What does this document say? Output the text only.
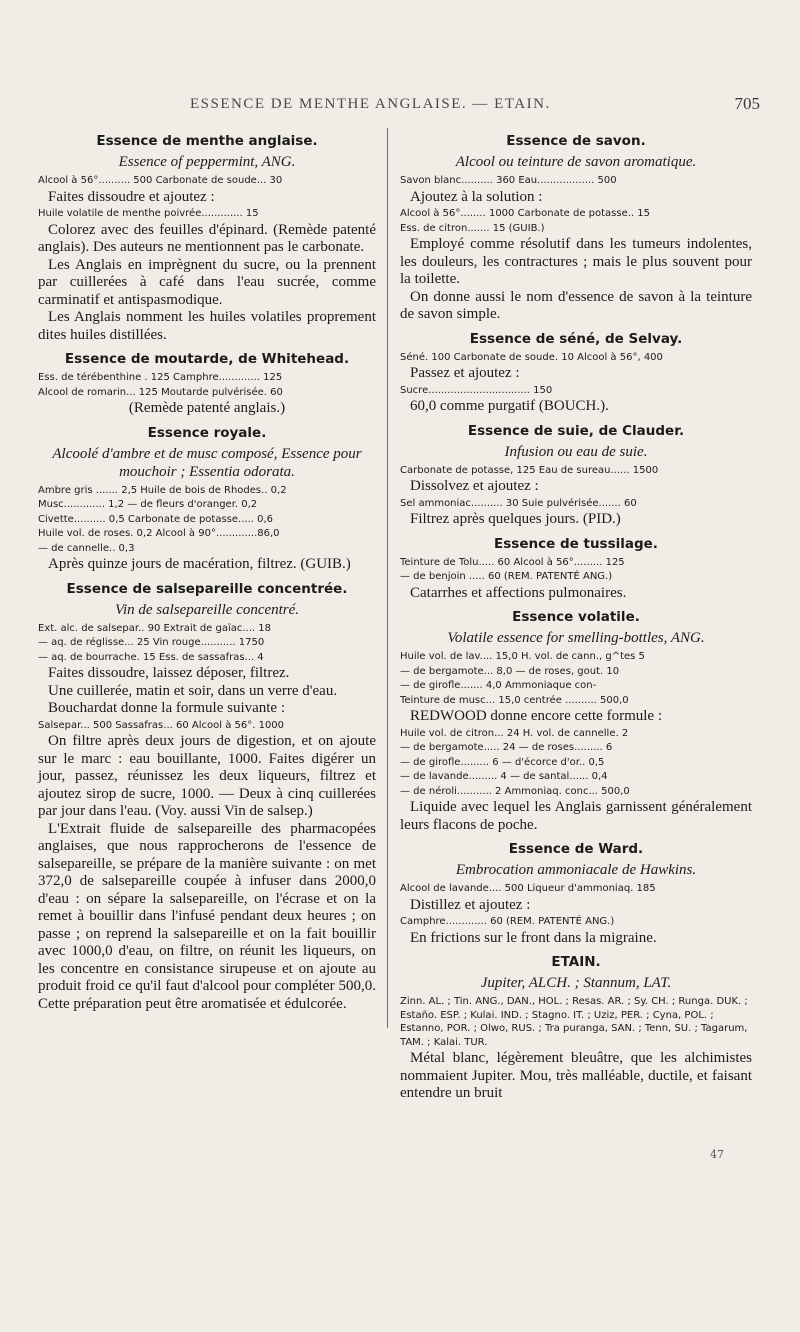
ESSENCE DE MENTHE ANGLAISE. — ETAIN.	705
Essence de menthe anglaise.
Essence of peppermint, ANG.
Alcool à 56°.......... 500 Carbonate de soude... 30
Faites dissoudre et ajoutez :
Huile volatile de menthe poivrée............. 15
Colorez avec des feuilles d'épinard. (Remède patenté anglais). Des auteurs ne mentionnent pas le carbonate.
Les Anglais en imprègnent du sucre, ou la prennent par cuillerées à café dans l'eau sucrée, comme carminatif et antispasmodique.
Les Anglais nomment les huiles volatiles proprement dites huiles distillées.
Essence de moutarde, de Whitehead.
Ess. de térébenthine . 125 Camphre............. 125
Alcool de romarin... 125 Moutarde pulvérisée. 60
(Remède patenté anglais.)
Essence royale.
Alcoolé d'ambre et de musc composé, Essence pour mouchoir ; Essentia odorata.
Ambre gris ....... 2,5 Huile de bois de Rhodes.. 0,2
Musc............. 1,2 — de fleurs d'oranger. 0,2
Civette.......... 0,5 Carbonate de potasse..... 0,6
Huile vol. de roses. 0,2 Alcool à 90°.............86,0
— de cannelle.. 0,3
Après quinze jours de macération, filtrez. (GUIB.)
Essence de salsepareille concentrée.
Vin de salsepareille concentré.
Ext. alc. de salsepar.. 90 Extrait de gaïac.... 18
— aq. de réglisse... 25 Vin rouge........... 1750
— aq. de bourrache. 15 Ess. de sassafras... 4
Faites dissoudre, laissez déposer, filtrez.
Une cuillerée, matin et soir, dans un verre d'eau.
Bouchardat donne la formule suivante :
Salsepar... 500 Sassafras... 60 Alcool à 56°. 1000
On filtre après deux jours de digestion, et on ajoute sur le marc : eau bouillante, 1000. Faites digérer un jour, passez, réunissez les deux liqueurs, filtrez et ajoutez sirop de sucre, 1000. — Deux à cinq cuillerées par jour dans l'eau. (Voy. aussi Vin de salsep.)
L'Extrait fluide de salsepareille des pharmacopées anglaises, que nous rapprocherons de l'essence de salsepareille, se prépare de la manière suivante : on met 372,0 de salsepareille coupée à infuser dans 2000,0 d'eau : on sépare la salsepareille, on l'écrase et on la remet à bouillir dans l'infusé pendant deux heures ; on passe ; on reprend la salsepareille et on la fait bouillir avec 1000,0 d'eau, on filtre, on réunit les liqueurs, on les concentre en consistance sirupeuse et on ajoute au produit froid ce qu'il faut d'alcool pour compléter 500,0. Cette préparation peut être aromatisée et édulcorée.
Essence de savon.
Alcool ou teinture de savon aromatique.
Savon blanc.......... 360 Eau.................. 500
Ajoutez à la solution :
Alcool à 56°........ 1000 Carbonate de potasse.. 15
Ess. de citron....... 15 (GUIB.)
Employé comme résolutif dans les tumeurs indolentes, les douleurs, les contractures ; mais le plus souvent pour la toilette.
On donne aussi le nom d'essence de savon à la teinture de savon simple.
Essence de séné, de Selvay.
Séné. 100 Carbonate de soude. 10 Alcool à 56°, 400
Passez et ajoutez :
Sucre................................ 150
60,0 comme purgatif (BOUCH.).
Essence de suie, de Clauder.
Infusion ou eau de suie.
Carbonate de potasse, 125 Eau de sureau...... 1500
Dissolvez et ajoutez :
Sel ammoniac.......... 30 Suie pulvérisée....... 60
Filtrez après quelques jours. (PID.)
Essence de tussilage.
Teinture de Tolu..... 60 Alcool à 56°......... 125
— de benjoin ..... 60 (REM. PATENTÉ ANG.)
Catarrhes et affections pulmonaires.
Essence volatile.
Volatile essence for smelling-bottles, ANG.
Huile vol. de lav.... 15,0 H. vol. de cann., g^tes 5
— de bergamote... 8,0 — de roses, gout. 10
— de girofle....... 4,0 Ammoniaque con-
Teinture de musc... 15,0 centrée .......... 500,0
REDWOOD donne encore cette formule :
Huile vol. de citron... 24 H. vol. de cannelle. 2
— de bergamote..... 24 — de roses......... 6
— de girofle......... 6 — d'écorce d'or.. 0,5
— de lavande......... 4 — de santal...... 0,4
— de néroli........... 2 Ammoniaq. conc... 500,0
Liquide avec lequel les Anglais garnissent généralement leurs flacons de poche.
Essence de Ward.
Embrocation ammoniacale de Hawkins.
Alcool de lavande.... 500 Liqueur d'ammoniaq. 185
Distillez et ajoutez :
Camphre............. 60 (REM. PATENTÉ ANG.)
En frictions sur le front dans la migraine.
ETAIN.
Jupiter, ALCH. ; Stannum, LAT.
Zinn. AL. ; Tin. ANG., DAN., HOL. ; Resas. AR. ; Sy. CH. ; Runga. DUK. ; Estaño. ESP. ; Kulai. IND. ; Stagno. IT. ; Uziz, PER. ; Cyna, POL. ; Estanno, POR. ; Olwo, RUS. ; Tra puranga, SAN. ; Tenn, SU. ; Tagarum, TAM. ; Kalai. TUR.
Métal blanc, légèrement bleuâtre, que les alchimistes nommaient Jupiter. Mou, très malléable, ductile, et faisant entendre un bruit
47
